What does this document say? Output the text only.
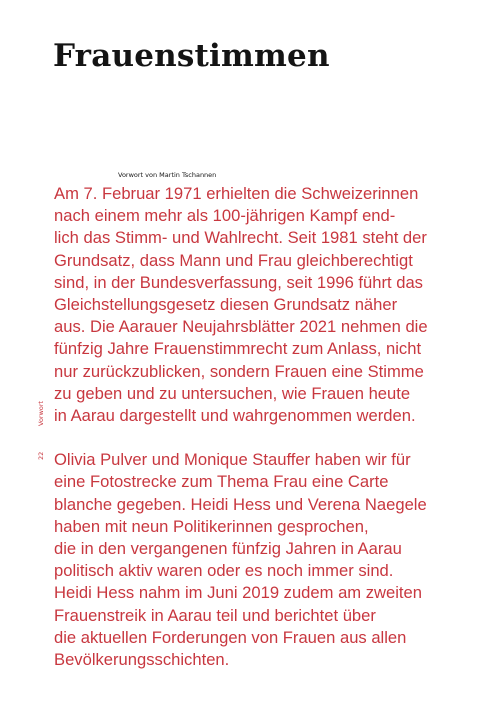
Frauenstimmen
Vorwort von Martin Tschannen
Vorwort
22

Am 7. Februar 1971 erhielten die Schweizerinnen
nach einem mehr als 100-jährigen Kampf end-
lich das Stimm- und Wahlrecht. Seit 1981 steht der
Grundsatz, dass Mann und Frau gleichberechtigt
sind, in der Bundesverfassung, seit 1996 führt das
Gleichstellungsgesetz diesen Grundsatz näher
aus. Die Aarauer Neujahrsblätter 2021 nehmen die
fünfzig Jahre Frauenstimmrecht zum Anlass, nicht
nur zurückzublicken, sondern Frauen eine Stimme
zu geben und zu untersuchen, wie Frauen heute
in Aarau dargestellt und wahrgenommen werden.

Olivia Pulver und Monique Stauffer haben wir für
eine Fotostrecke zum Thema Frau eine Carte
blanche gegeben. Heidi Hess und Verena Naegele
haben mit neun Politikerinnen gesprochen,
die in den vergangenen fünfzig Jahren in Aarau
politisch aktiv waren oder es noch immer sind.
Heidi Hess nahm im Juni 2019 zudem am zweiten
Frauenstreik in Aarau teil und berichtet über
die aktuellen Forderungen von Frauen aus allen
Bevölkerungsschichten.
